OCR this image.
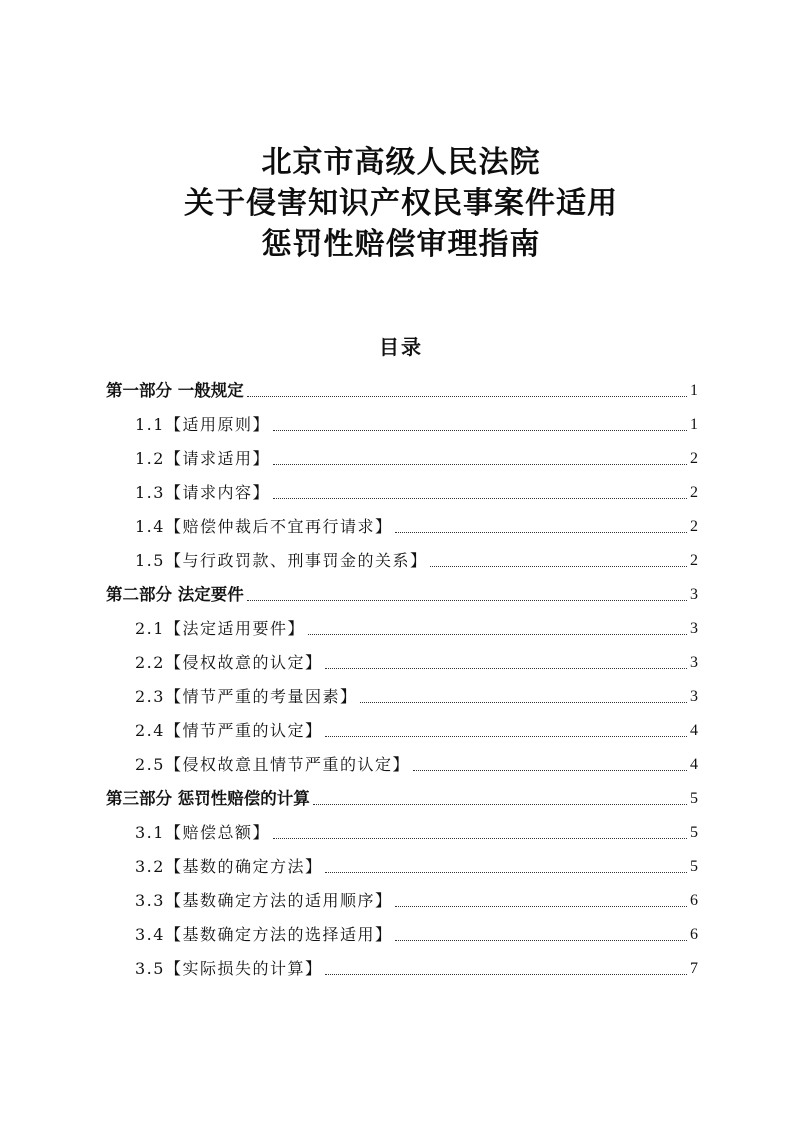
北京市高级人民法院
关于侵害知识产权民事案件适用
惩罚性赔偿审理指南
目录
第一部分 一般规定	1
1.1【适用原则】	1
1.2【请求适用】	2
1.3【请求内容】	2
1.4【赔偿仲裁后不宜再行请求】	2
1.5【与行政罚款、刑事罚金的关系】	2
第二部分 法定要件	3
2.1【法定适用要件】	3
2.2【侵权故意的认定】	3
2.3【情节严重的考量因素】	3
2.4【情节严重的认定】	4
2.5【侵权故意且情节严重的认定】	4
第三部分 惩罚性赔偿的计算	5
3.1【赔偿总额】	5
3.2【基数的确定方法】	5
3.3【基数确定方法的适用顺序】	6
3.4【基数确定方法的选择适用】	6
3.5【实际损失的计算】	7
